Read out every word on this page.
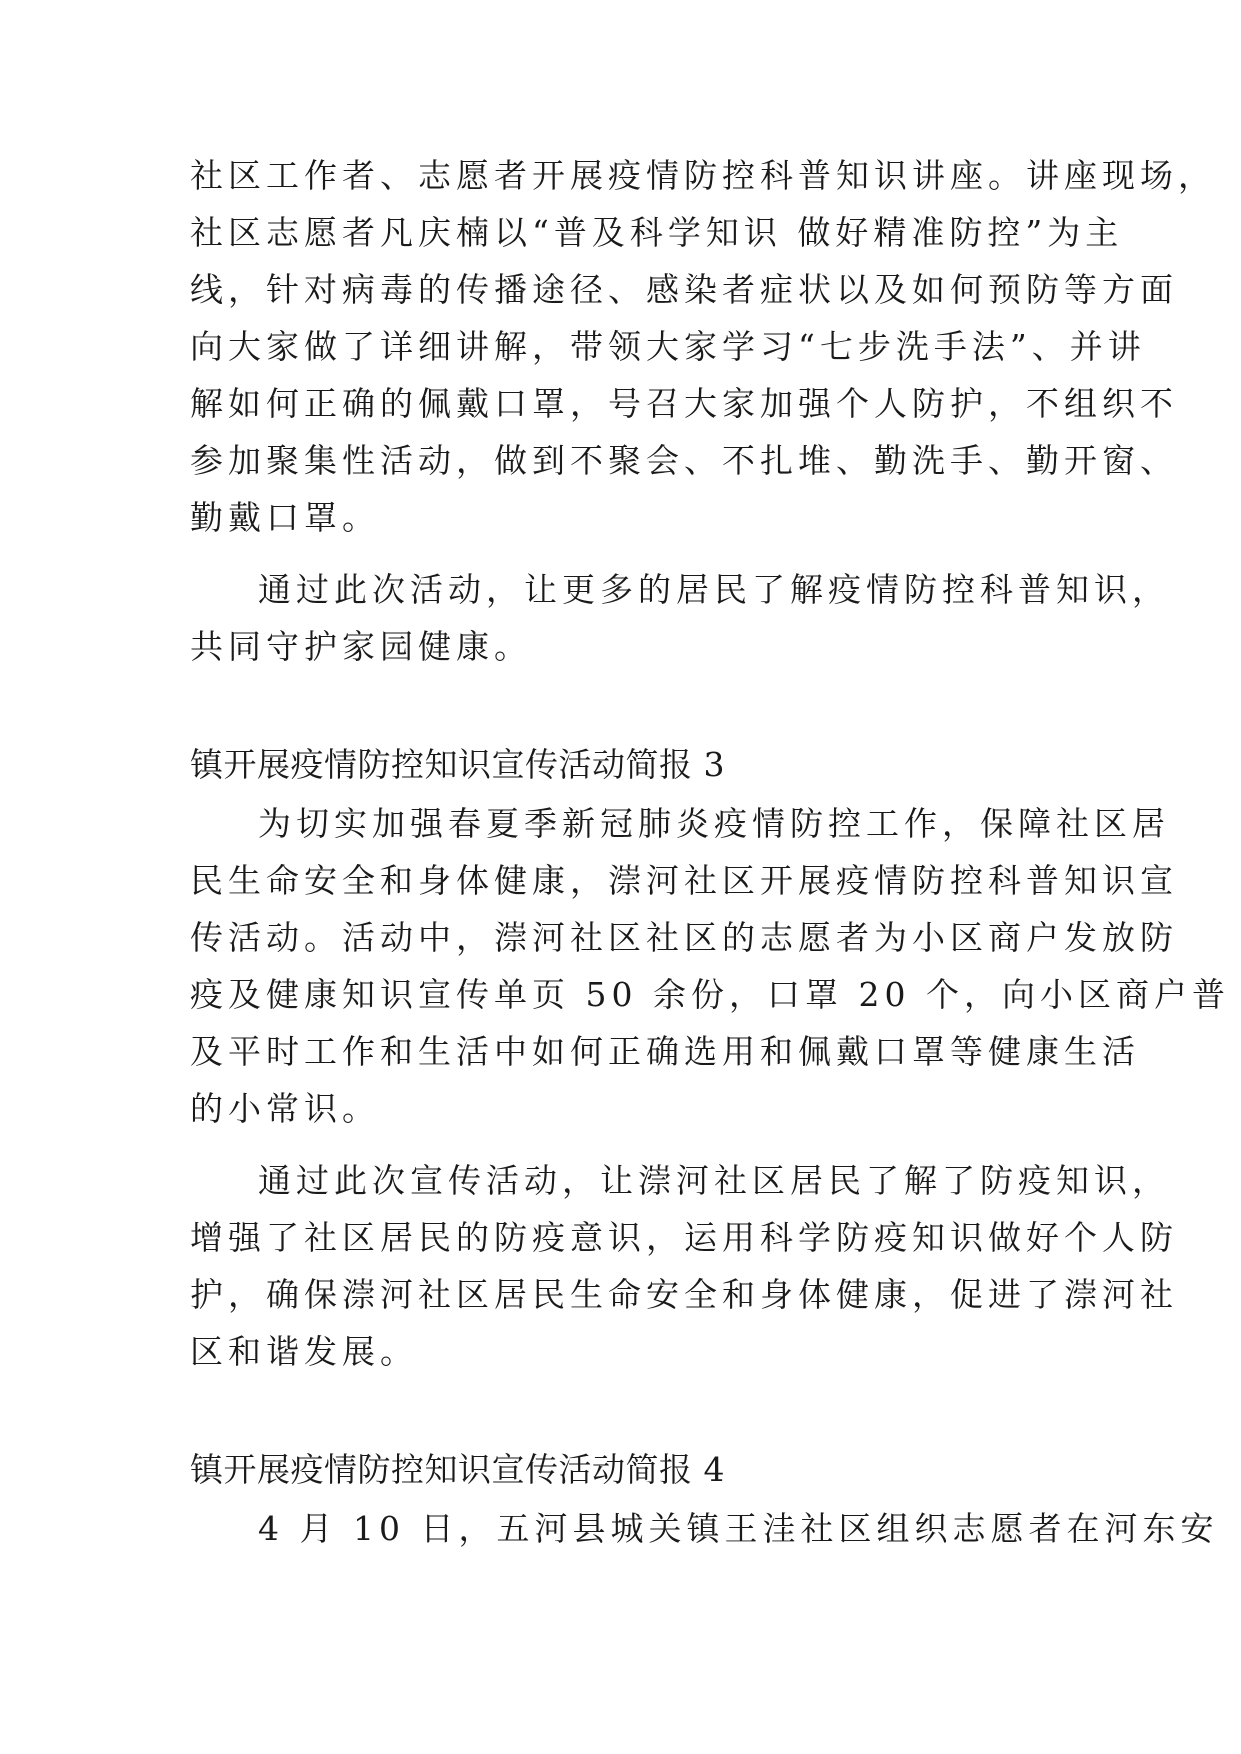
社区工作者、志愿者开展疫情防控科普知识讲座。讲座现场，
社区志愿者凡庆楠以“普及科学知识 做好精准防控”为主
线，针对病毒的传播途径、感染者症状以及如何预防等方面
向大家做了详细讲解，带领大家学习“七步洗手法”、并讲
解如何正确的佩戴口罩，号召大家加强个人防护，不组织不
参加聚集性活动，做到不聚会、不扎堆、勤洗手、勤开窗、
勤戴口罩。
通过此次活动，让更多的居民了解疫情防控科普知识，
共同守护家园健康。
镇开展疫情防控知识宣传活动简报 3
为切实加强春夏季新冠肺炎疫情防控工作，保障社区居
民生命安全和身体健康，漴河社区开展疫情防控科普知识宣
传活动。活动中，漴河社区社区的志愿者为小区商户发放防
疫及健康知识宣传单页 50 余份，口罩 20 个，向小区商户普
及平时工作和生活中如何正确选用和佩戴口罩等健康生活
的小常识。
通过此次宣传活动，让漴河社区居民了解了防疫知识，
增强了社区居民的防疫意识，运用科学防疫知识做好个人防
护，确保漴河社区居民生命安全和身体健康，促进了漴河社
区和谐发展。
镇开展疫情防控知识宣传活动简报 4
4 月 10 日，五河县城关镇王洼社区组织志愿者在河东安
